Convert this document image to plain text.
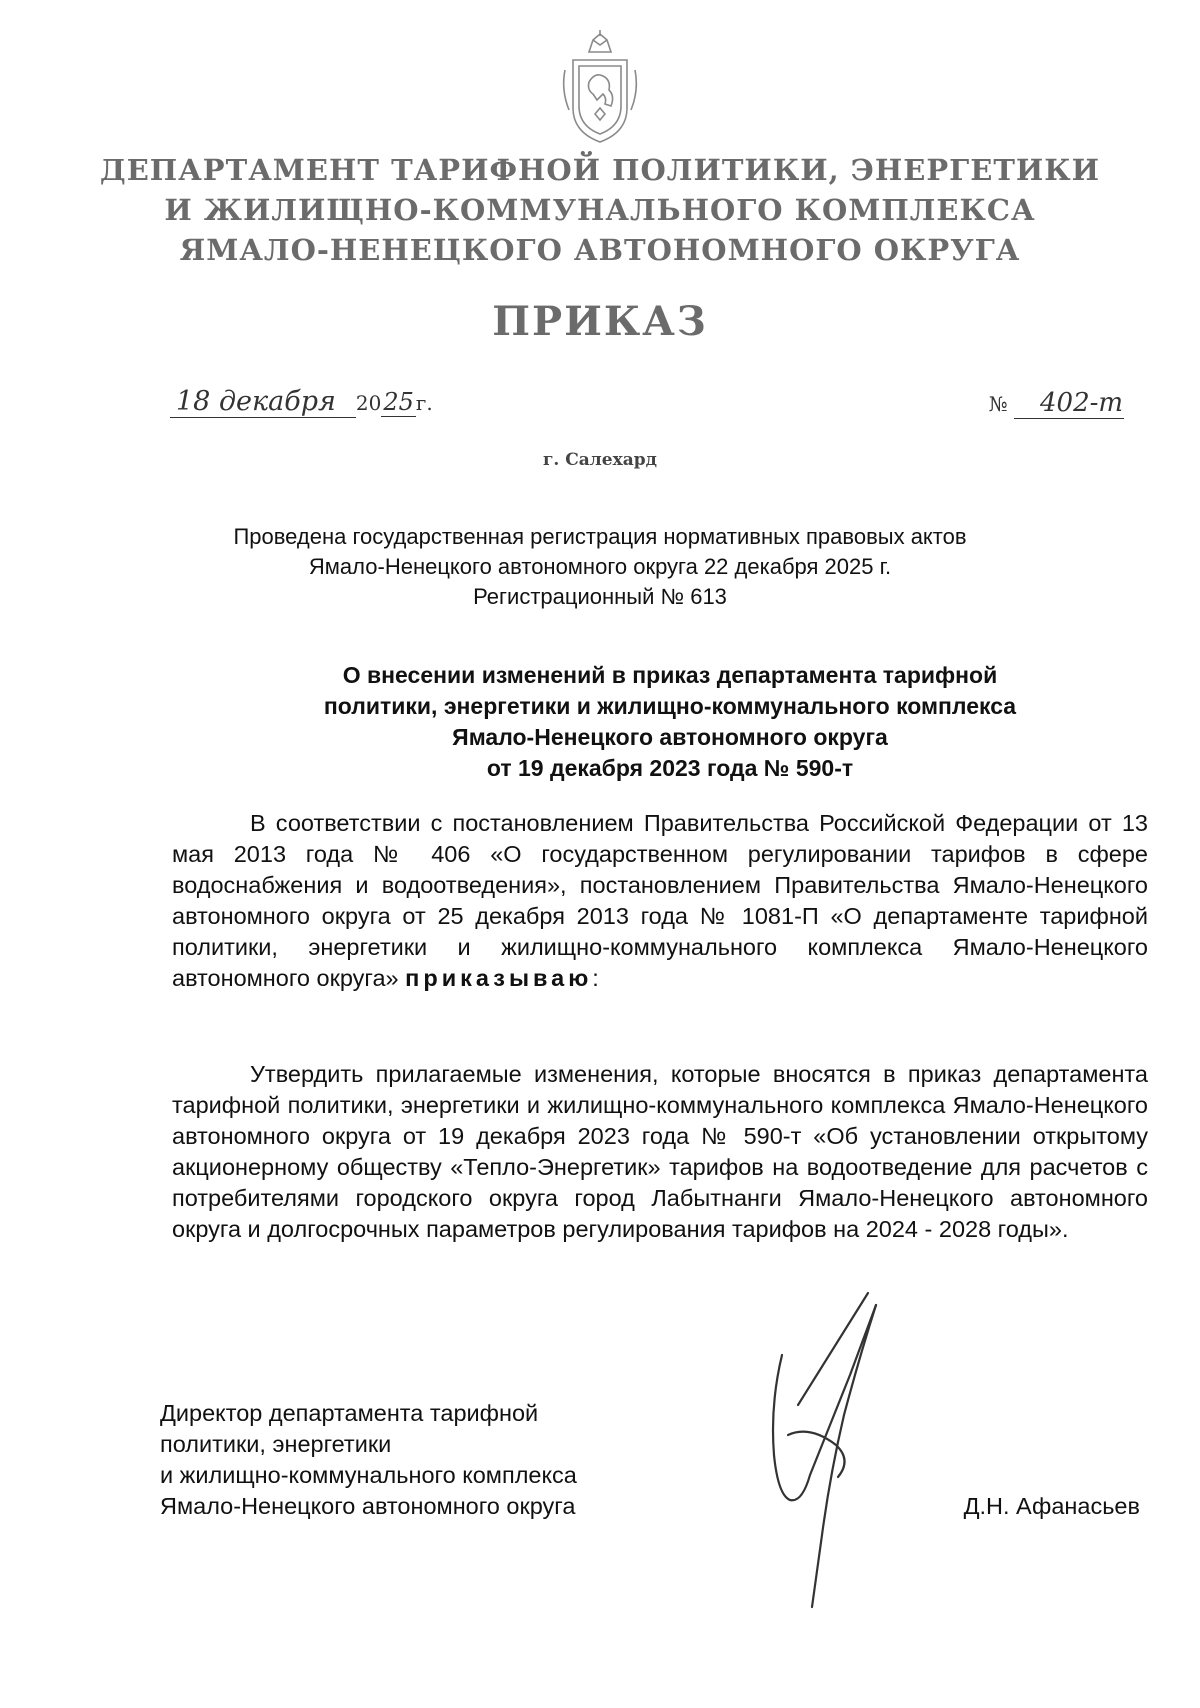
ДЕПАРТАМЕНТ ТАРИФНОЙ ПОЛИТИКИ, ЭНЕРГЕТИКИ
И ЖИЛИЩНО-КОММУНАЛЬНОГО КОМПЛЕКСА
ЯМАЛО-НЕНЕЦКОГО АВТОНОМНОГО ОКРУГА
ПРИКАЗ
18 декабря 2025 г.	№ 402-т
г. Салехард
Проведена государственная регистрация нормативных правовых актов
Ямало-Ненецкого автономного округа 22 декабря 2025 г.
Регистрационный № 613
О внесении изменений в приказ департамента тарифной
политики, энергетики и жилищно-коммунального комплекса
Ямало-Ненецкого автономного округа
от 19 декабря 2023 года № 590-т

В соответствии с постановлением Правительства Российской Федерации от 13 мая 2013 года № 406 «О государственном регулировании тарифов в сфере водоснабжения и водоотведения», постановлением Правительства Ямало-Ненецкого автономного округа от 25 декабря 2013 года № 1081-П «О департаменте тарифной политики, энергетики и жилищно-коммунального комплекса Ямало-Ненецкого автономного округа» приказываю:

Утвердить прилагаемые изменения, которые вносятся в приказ департамента тарифной политики, энергетики и жилищно-коммунального комплекса Ямало-Ненецкого автономного округа от 19 декабря 2023 года № 590-т «Об установлении открытому акционерному обществу «Тепло-Энергетик» тарифов на водоотведение для расчетов с потребителями городского округа город Лабытнанги Ямало-Ненецкого автономного округа и долгосрочных параметров регулирования тарифов на 2024 - 2028 годы».

Директор департамента тарифной
политики, энергетики
и жилищно-коммунального комплекса
Ямало-Ненецкого автономного округа	Д.Н. Афанасьев
